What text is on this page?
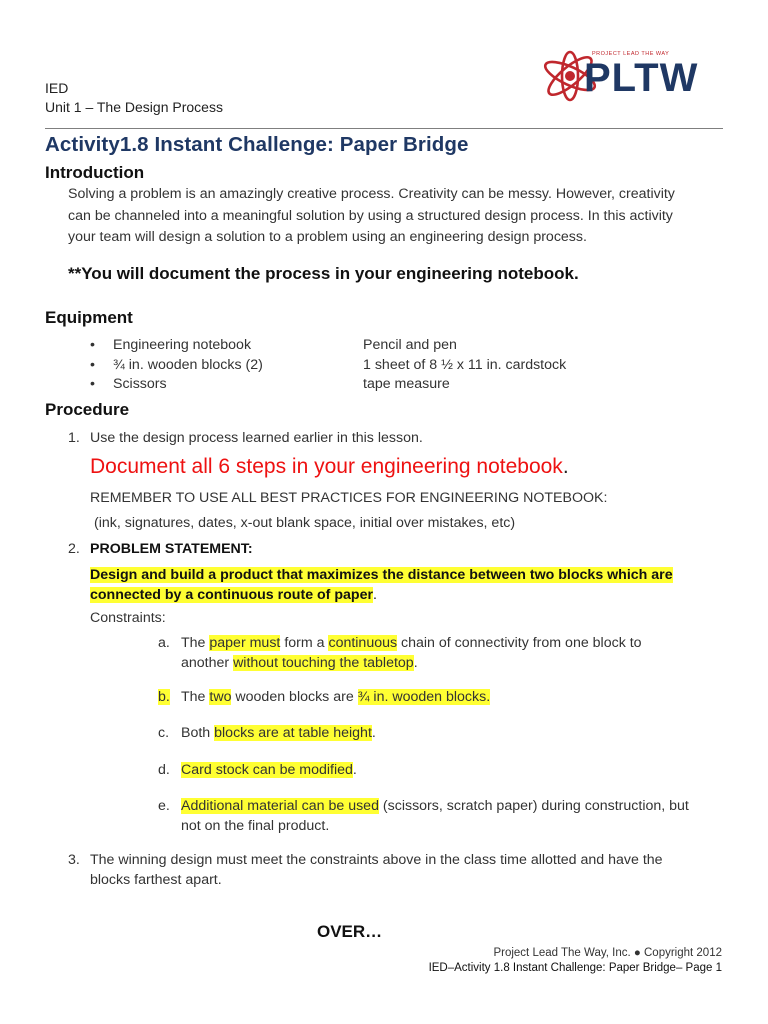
PROJECT LEAD THE WAY
PLTW
IED
Unit 1 – The Design Process
Activity1.8 Instant Challenge: Paper Bridge
Introduction
Solving a problem is an amazingly creative process. Creativity can be messy. However, creativity
can be channeled into a meaningful solution by using a structured design process. In this activity
your team will design a solution to a problem using an engineering design process.
**You will document the process in your engineering notebook.
Equipment
• Engineering notebook	Pencil and pen

• ¾ in. wooden blocks (2)	1 sheet of 8 ½ x 11 in. cardstock

• Scissors	tape measure

Procedure
1. Use the design process learned earlier in this lesson.
Document all 6 steps in your engineering notebook.
REMEMBER TO USE ALL BEST PRACTICES FOR ENGINEERING NOTEBOOK:
(ink, signatures, dates, x-out blank space, initial over mistakes, etc)
2. PROBLEM STATEMENT:
Design and build a product that maximizes the distance between two blocks which are
connected by a continuous route of paper.
Constraints:
a. The paper must form a continuous chain of connectivity from one block to
another without touching the tabletop.
b. The two wooden blocks are ¾ in. wooden blocks.
c. Both blocks are at table height.
d. Card stock can be modified.
e. Additional material can be used (scissors, scratch paper) during construction, but
not on the final product.
3. The winning design must meet the constraints above in the class time allotted and have the
blocks farthest apart.
OVER…
Project Lead The Way, Inc. ● Copyright 2012
IED–Activity 1.8 Instant Challenge: Paper Bridge– Page 1
